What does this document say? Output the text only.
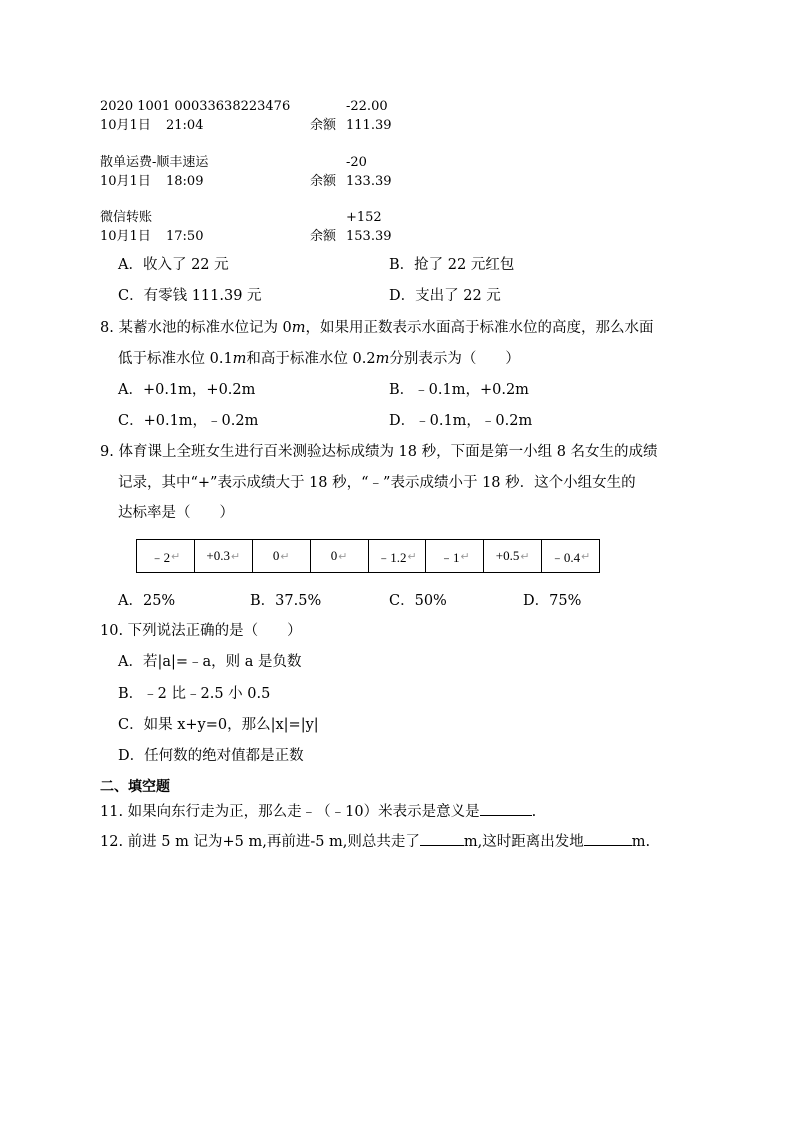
2020 1001 00033638223476	-22.00
10月1日 21:04	余额 111.39
散单运费-顺丰速运	-20
10月1日 18:09	余额 133.39
微信转账	+152
10月1日 17:50	余额 153.39
A．收入了 22 元	B．抢了 22 元红包
C．有零钱 111.39 元	D．支出了 22 元
8. 某蓄水池的标准水位记为 0m，如果用正数表示水面高于标准水位的高度，那么水面
低于标准水位 0.1m和高于标准水位 0.2m分别表示为（　　）
A．+0.1m，+0.2m	B．﹣0.1m，+0.2m
C．+0.1m，﹣0.2m	D．﹣0.1m，﹣0.2m
9. 体育课上全班女生进行百米测验达标成绩为 18 秒，下面是第一小组 8 名女生的成绩
记录，其中“+”表示成绩大于 18 秒，“﹣”表示成绩小于 18 秒．这个小组女生的
达标率是（　　）
﹣2 ↵ +0.3 ↵	0 ↵	0 ↵ ﹣1.2 ↵ ﹣1 ↵ +0.5 ↵ ﹣0.4 ↵
A．25%	B．37.5%	C．50%	D．75%
10. 下列说法正确的是（　　）
A．若|a|=﹣a，则 a 是负数
B．﹣2 比﹣2.5 小 0.5
C．如果 x+y=0，那么|x|=|y|
D．任何数的绝对值都是正数
二、填空题
11. 如果向东行走为正，那么走﹣（﹣10）米表示是意义是	.
12. 前进 5 m 记为+5 m,再前进-5 m,则总共走了	m,这时距离出发地	m.
